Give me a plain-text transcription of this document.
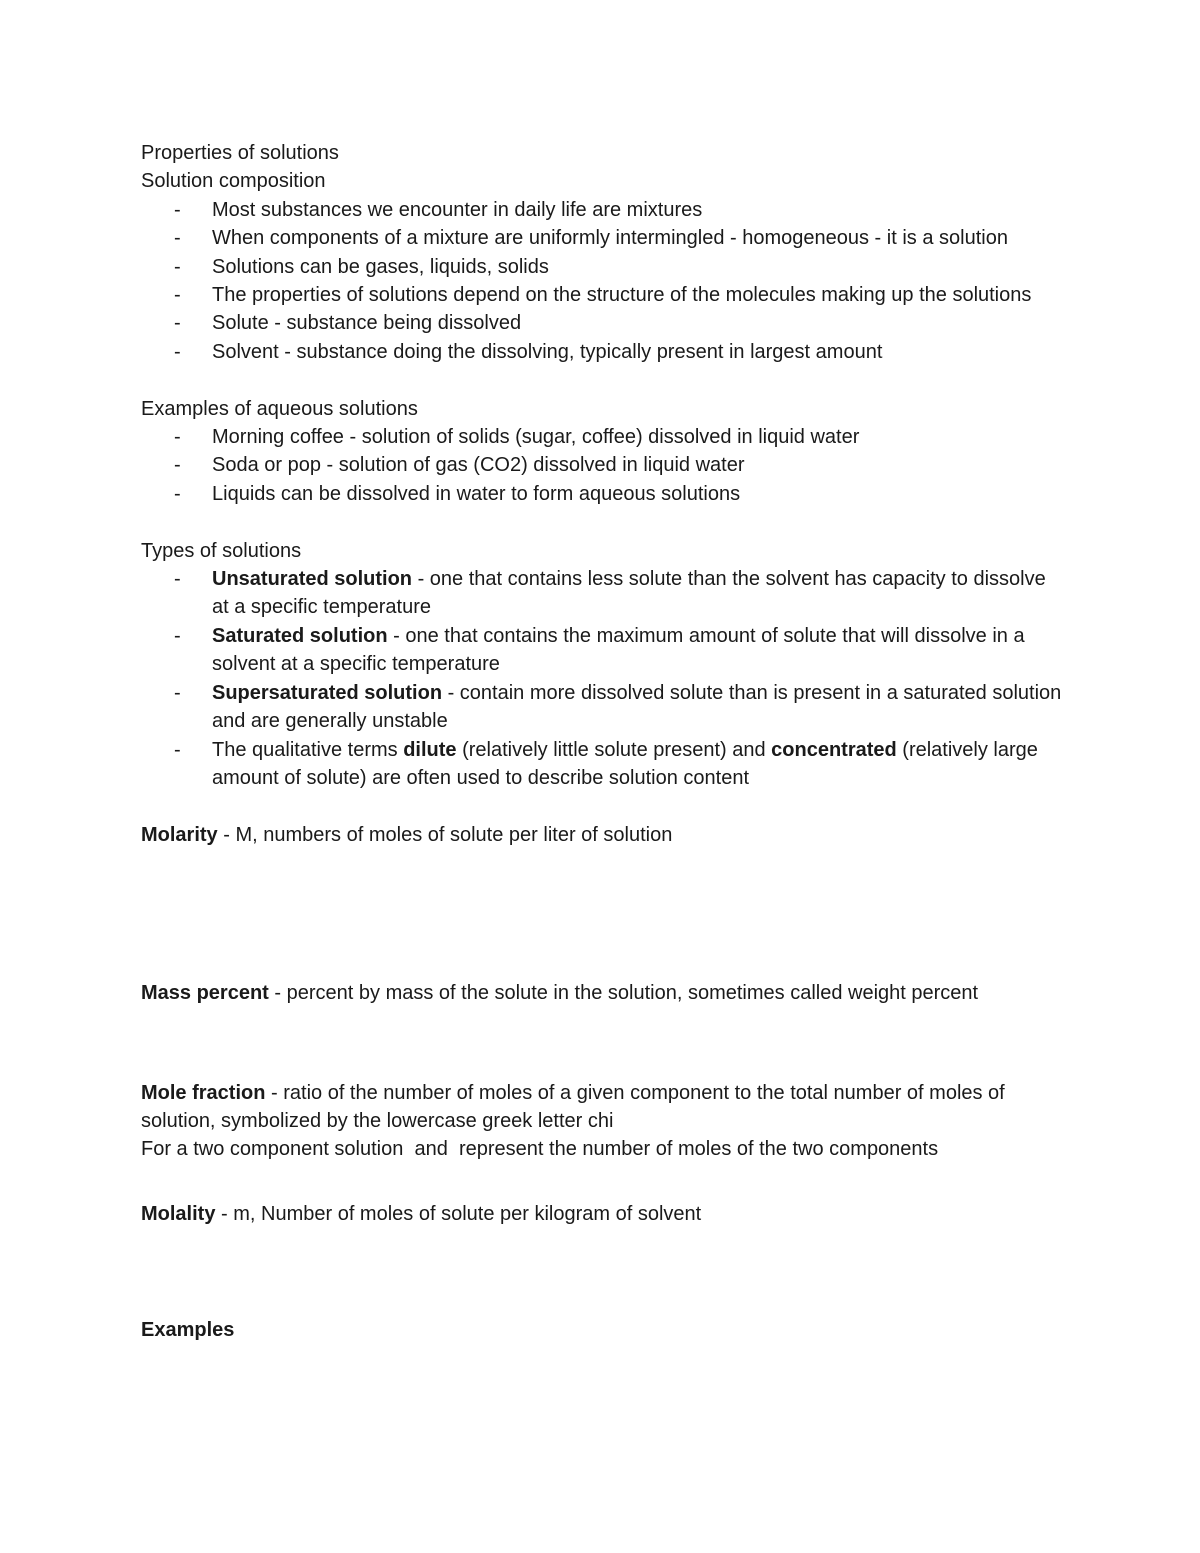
Properties of solutions

Solution composition

- Most substances we encounter in daily life are mixtures
- When components of a mixture are uniformly intermingled - homogeneous - it is a solution
- Solutions can be gases, liquids, solids
- The properties of solutions depend on the structure of the molecules making up the solutions
- Solute - substance being dissolved
- Solvent - substance doing the dissolving, typically present in largest amount

Examples of aqueous solutions

- Morning coffee - solution of solids (sugar, coffee) dissolved in liquid water
- Soda or pop - solution of gas (CO2) dissolved in liquid water
- Liquids can be dissolved in water to form aqueous solutions

Types of solutions

- Unsaturated solution - one that contains less solute than the solvent has capacity to dissolve at a specific temperature
- Saturated solution - one that contains the maximum amount of solute that will dissolve in a solvent at a specific temperature
- Supersaturated solution - contain more dissolved solute than is present in a saturated solution and are generally unstable
- The qualitative terms dilute (relatively little solute present) and concentrated (relatively large amount of solute) are often used to describe solution content

Molarity - M, numbers of moles of solute per liter of solution

Mass percent - percent by mass of the solute in the solution, sometimes called weight percent

Mole fraction - ratio of the number of moles of a given component to the total number of moles of solution, symbolized by the lowercase greek letter chi

For a two component solution  and  represent the number of moles of the two components

Molality - m, Number of moles of solute per kilogram of solvent

Examples
